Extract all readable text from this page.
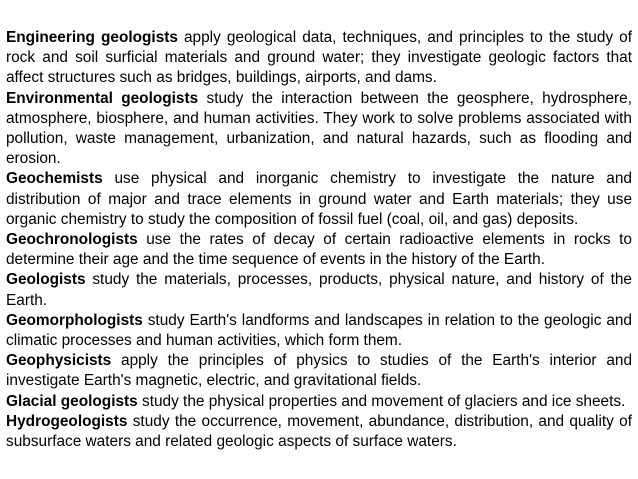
Engineering geologists apply geological data, techniques, and principles to the study of rock and soil surficial materials and ground water; they investigate geologic factors that affect structures such as bridges, buildings, airports, and dams.

Environmental geologists study the interaction between the geosphere, hydrosphere, atmosphere, biosphere, and human activities. They work to solve problems associated with pollution, waste management, urbanization, and natural hazards, such as flooding and erosion.

Geochemists use physical and inorganic chemistry to investigate the nature and distribution of major and trace elements in ground water and Earth materials; they use organic chemistry to study the composition of fossil fuel (coal, oil, and gas) deposits.

Geochronologists use the rates of decay of certain radioactive elements in rocks to determine their age and the time sequence of events in the history of the Earth.

Geologists study the materials, processes, products, physical nature, and history of the Earth.

Geomorphologists study Earth's landforms and landscapes in relation to the geologic and climatic processes and human activities, which form them.

Geophysicists apply the principles of physics to studies of the Earth's interior and investigate Earth's magnetic, electric, and gravitational fields.

Glacial geologists study the physical properties and movement of glaciers and ice sheets.

Hydrogeologists study the occurrence, movement, abundance, distribution, and quality of subsurface waters and related geologic aspects of surface waters.
